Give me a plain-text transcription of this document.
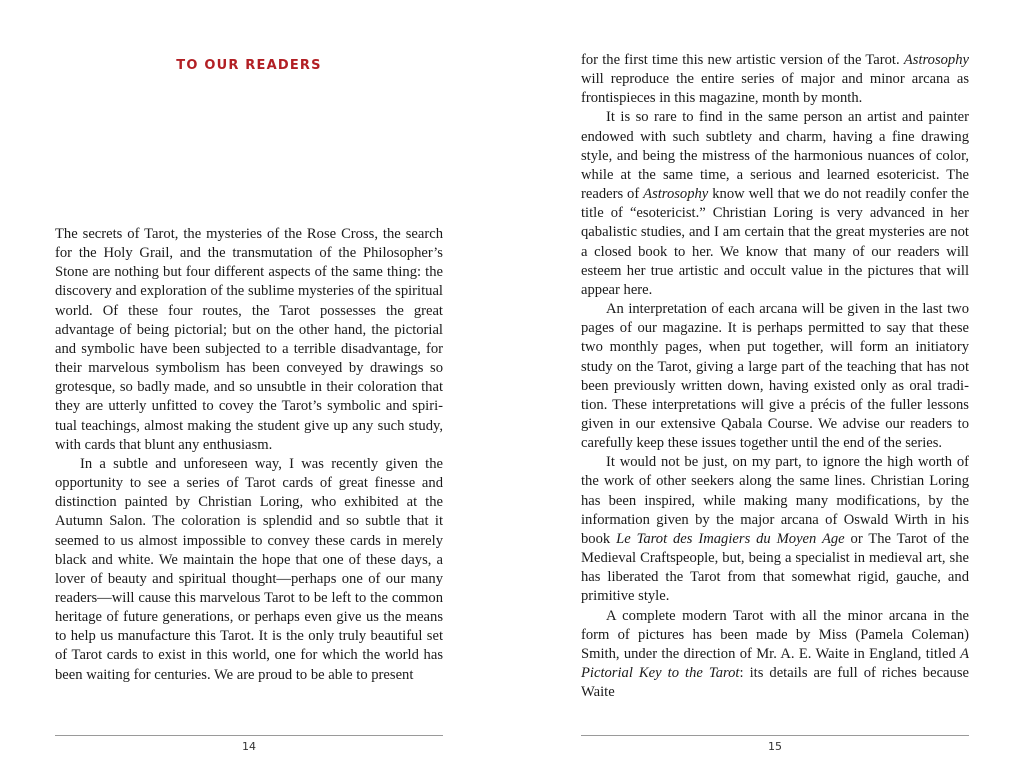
TO OUR READERS

The secrets of Tarot, the mysteries of the Rose Cross, the search for the Holy Grail, and the transmutation of the Philosopher’s Stone are nothing but four different aspects of the same thing: the discovery and exploration of the sublime mysteries of the spiritual world. Of these four routes, the Tarot possesses the great advantage of being pictorial; but on the other hand, the pictorial and symbolic have been subjected to a terrible disadvantage, for their marvelous symbolism has been conveyed by drawings so grotesque, so badly made, and so unsubtle in their coloration that they are utterly unfitted to covey the Tarot’s symbolic and spiritual teachings, almost making the student give up any such study, with cards that blunt any enthusiasm.

In a subtle and unforeseen way, I was recently given the opportunity to see a series of Tarot cards of great finesse and distinction painted by Christian Loring, who exhibited at the Autumn Salon. The coloration is splendid and so subtle that it seemed to us almost impossible to convey these cards in merely black and white. We maintain the hope that one of these days, a lover of beauty and spiritual thought—perhaps one of our many readers—will cause this marvelous Tarot to be left to the common heritage of future generations, or perhaps even give us the means to help us manufacture this Tarot. It is the only truly beautiful set of Tarot cards to exist in this world, one for which the world has been waiting for centuries. We are proud to be able to present

14

for the first time this new artistic version of the Tarot. Astrosophy will reproduce the entire series of major and minor arcana as frontispieces in this magazine, month by month.

It is so rare to find in the same person an artist and painter endowed with such subtlety and charm, having a fine drawing style, and being the mistress of the harmonious nuances of color, while at the same time, a serious and learned esotericist. The readers of Astrosophy know well that we do not readily confer the title of “esotericist.” Christian Loring is very advanced in her qabalistic studies, and I am certain that the great mysteries are not a closed book to her. We know that many of our readers will esteem her true artistic and occult value in the pictures that will appear here.

An interpretation of each arcana will be given in the last two pages of our magazine. It is perhaps permitted to say that these two monthly pages, when put together, will form an initiatory study on the Tarot, giving a large part of the teaching that has not been previously written down, having existed only as oral tradition. These interpretations will give a précis of the fuller lessons given in our extensive Qabala Course. We advise our readers to carefully keep these issues together until the end of the series.

It would not be just, on my part, to ignore the high worth of the work of other seekers along the same lines. Christian Loring has been inspired, while making many modifications, by the information given by the major arcana of Oswald Wirth in his book Le Tarot des Imagiers du Moyen Age or The Tarot of the Medieval Craftspeople, but, being a specialist in medieval art, she has liberated the Tarot from that somewhat rigid, gauche, and primitive style.

A complete modern Tarot with all the minor arcana in the form of pictures has been made by Miss (Pamela Coleman) Smith, under the direction of Mr. A. E. Waite in England, titled A Pictorial Key to the Tarot: its details are full of riches because Waite

15
